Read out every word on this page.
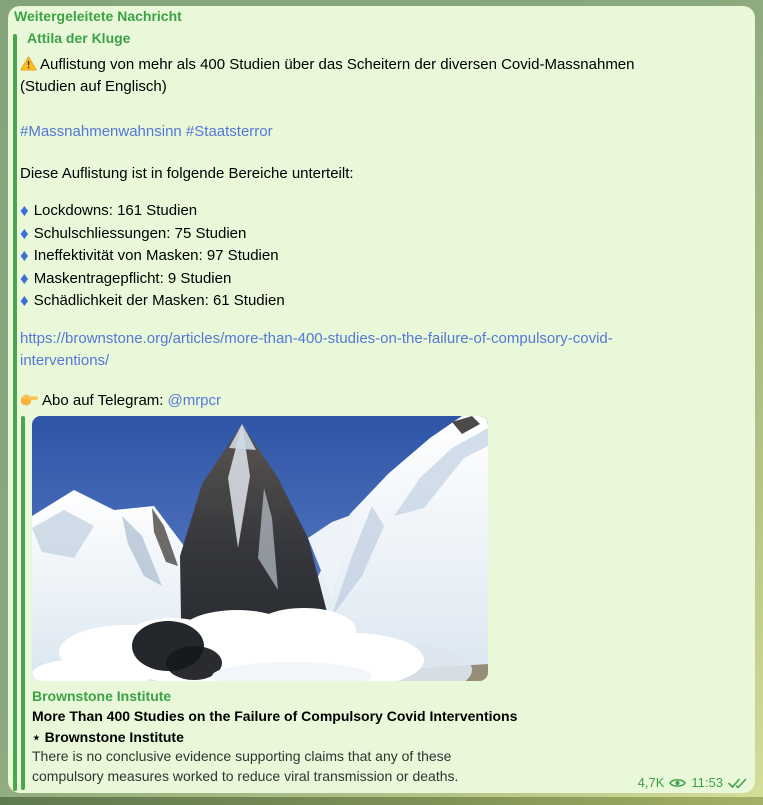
Weitergeleitete Nachricht
Attila der Kluge
Auflistung von mehr als 400 Studien über das Scheitern der diversen Covid-Massnahmen
(Studien auf Englisch)
#Massnahmenwahnsinn #Staatsterror
Diese Auflistung ist in folgende Bereiche unterteilt:
♦ Lockdowns: 161 Studien
♦ Schulschliessungen: 75 Studien
♦ Ineffektivität von Masken: 97 Studien
♦ Maskentragepflicht: 9 Studien
♦ Schädlichkeit der Masken: 61 Studien
https://brownstone.org/articles/more-than-400-studies-on-the-failure-of-compulsory-covid-
interventions/
Abo auf Telegram: @mrpcr
Brownstone Institute
More Than 400 Studies on the Failure of Compulsory Covid Interventions
⋆ Brownstone Institute
There is no conclusive evidence supporting claims that any of these
compulsory measures worked to reduce viral transmission or deaths.	4,7K 11:53
